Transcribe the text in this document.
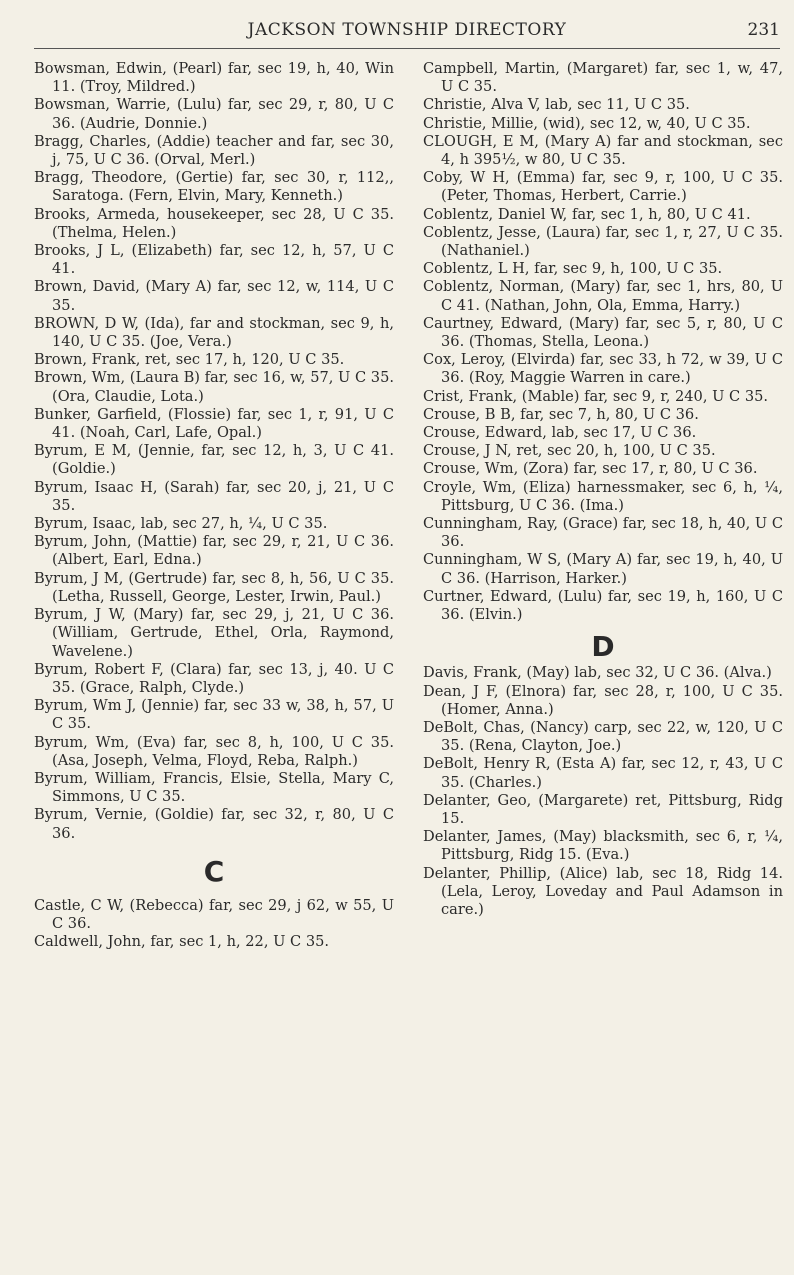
JACKSON TOWNSHIP DIRECTORY	231

Bowsman, Edwin, (Pearl) far, sec 19, h, 40, Win 11. (Troy, Mildred.)

Bowsman, Warrie, (Lulu) far, sec 29, r, 80, U C 36. (Audrie, Donnie.)

Bragg, Charles, (Addie) teacher and far, sec 30, j, 75, U C 36. (Orval, Merl.)

Bragg, Theodore, (Gertie) far, sec 30, r, 112,, Saratoga. (Fern, Elvin, Mary, Kenneth.)

Brooks, Armeda, housekeeper, sec 28, U C 35. (Thelma, Helen.)

Brooks, J L, (Elizabeth) far, sec 12, h, 57, U C 41.

Brown, David, (Mary A) far, sec 12, w, 114, U C 35.

BROWN, D W, (Ida), far and stockman, sec 9, h, 140, U C 35. (Joe, Vera.)

Brown, Frank, ret, sec 17, h, 120, U C 35.

Brown, Wm, (Laura B) far, sec 16, w, 57, U C 35. (Ora, Claudie, Lota.)

Bunker, Garfield, (Flossie) far, sec 1, r, 91, U C 41. (Noah, Carl, Lafe, Opal.)

Byrum, E M, (Jennie, far, sec 12, h, 3, U C 41. (Goldie.)

Byrum, Isaac H, (Sarah) far, sec 20, j, 21, U C 35.

Byrum, Isaac, lab, sec 27, h, ¼, U C 35.

Byrum, John, (Mattie) far, sec 29, r, 21, U C 36. (Albert, Earl, Edna.)

Byrum, J M, (Gertrude) far, sec 8, h, 56, U C 35. (Letha, Russell, George, Lester, Irwin, Paul.)

Byrum, J W, (Mary) far, sec 29, j, 21, U C 36. (William, Gertrude, Ethel, Orla, Raymond, Wavelene.)

Byrum, Robert F, (Clara) far, sec 13, j, 40. U C 35. (Grace, Ralph, Clyde.)

Byrum, Wm J, (Jennie) far, sec 33 w, 38, h, 57, U C 35.

Byrum, Wm, (Eva) far, sec 8, h, 100, U C 35. (Asa, Joseph, Velma, Floyd, Reba, Ralph.)

Byrum, William, Francis, Elsie, Stella, Mary C, Simmons, U C 35.

Byrum, Vernie, (Goldie) far, sec 32, r, 80, U C 36.

C

Castle, C W, (Rebecca) far, sec 29, j 62, w 55, U C 36.

Caldwell, John, far, sec 1, h, 22, U C 35.

Campbell, Martin, (Margaret) far, sec 1, w, 47, U C 35.

Christie, Alva V, lab, sec 11, U C 35.

Christie, Millie, (wid), sec 12, w, 40, U C 35.

CLOUGH, E M, (Mary A) far and stockman, sec 4, h 395½, w 80, U C 35.

Coby, W H, (Emma) far, sec 9, r, 100, U C 35. (Peter, Thomas, Herbert, Carrie.)

Coblentz, Daniel W, far, sec 1, h, 80, U C 41.

Coblentz, Jesse, (Laura) far, sec 1, r, 27, U C 35. (Nathaniel.)

Coblentz, L H, far, sec 9, h, 100, U C 35.

Coblentz, Norman, (Mary) far, sec 1, hrs, 80, U C 41. (Nathan, John, Ola, Emma, Harry.)

Caurtney, Edward, (Mary) far, sec 5, r, 80, U C 36. (Thomas, Stella, Leona.)

Cox, Leroy, (Elvirda) far, sec 33, h 72, w 39, U C 36. (Roy, Maggie Warren in care.)

Crist, Frank, (Mable) far, sec 9, r, 240, U C 35.

Crouse, B B, far, sec 7, h, 80, U C 36.

Crouse, Edward, lab, sec 17, U C 36.

Crouse, J N, ret, sec 20, h, 100, U C 35.

Crouse, Wm, (Zora) far, sec 17, r, 80, U C 36.

Croyle, Wm, (Eliza) harnessmaker, sec 6, h, ¼, Pittsburg, U C 36. (Ima.)

Cunningham, Ray, (Grace) far, sec 18, h, 40, U C 36.

Cunningham, W S, (Mary A) far, sec 19, h, 40, U C 36. (Harrison, Harker.)

Curtner, Edward, (Lulu) far, sec 19, h, 160, U C 36. (Elvin.)

D

Davis, Frank, (May) lab, sec 32, U C 36. (Alva.)

Dean, J F, (Elnora) far, sec 28, r, 100, U C 35. (Homer, Anna.)

DeBolt, Chas, (Nancy) carp, sec 22, w, 120, U C 35. (Rena, Clayton, Joe.)

DeBolt, Henry R, (Esta A) far, sec 12, r, 43, U C 35. (Charles.)

Delanter, Geo, (Margarete) ret, Pittsburg, Ridg 15.

Delanter, James, (May) blacksmith, sec 6, r, ¼, Pittsburg, Ridg 15. (Eva.)

Delanter, Phillip, (Alice) lab, sec 18, Ridg 14. (Lela, Leroy, Loveday and Paul Adamson in care.)
